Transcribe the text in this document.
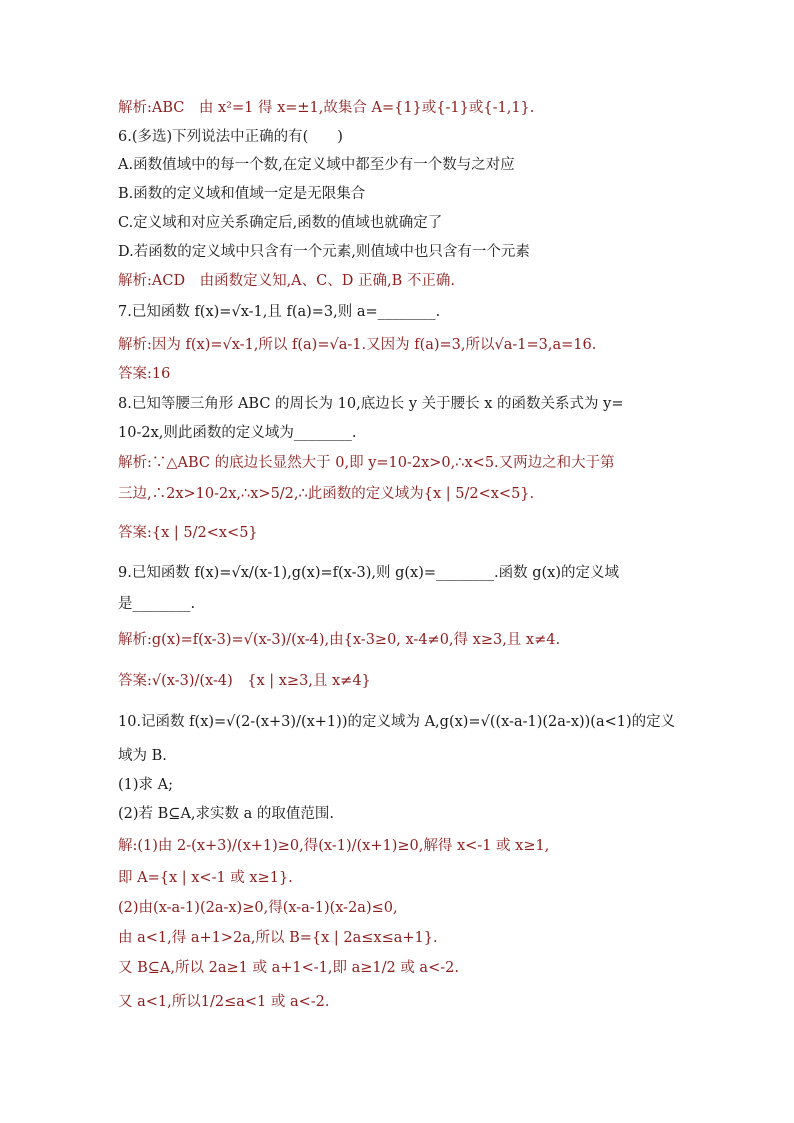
解析:ABC　由 x²=1 得 x=±1,故集合 A={1}或{-1}或{-1,1}.
6.(多选)下列说法中正确的有(　　)
A.函数值域中的每一个数,在定义域中都至少有一个数与之对应
B.函数的定义域和值域一定是无限集合
C.定义域和对应关系确定后,函数的值域也就确定了
D.若函数的定义域中只含有一个元素,则值域中也只含有一个元素
解析:ACD　由函数定义知,A、C、D 正确,B 不正确.
7.已知函数 f(x)=√x-1,且 f(a)=3,则 a=________.
解析:因为 f(x)=√x-1,所以 f(a)=√a-1.又因为 f(a)=3,所以√a-1=3,a=16.
答案:16
8.已知等腰三角形 ABC 的周长为 10,底边长 y 关于腰长 x 的函数关系式为 y=
10-2x,则此函数的定义域为________.
解析:∵△ABC 的底边长显然大于 0,即 y=10-2x>0,∴x<5.又两边之和大于第
三边,∴2x>10-2x,∴x>5/2,∴此函数的定义域为{x | 5/2<x<5}.
答案:{x | 5/2<x<5}
9.已知函数 f(x)=√x/(x-1),g(x)=f(x-3),则 g(x)=________.函数 g(x)的定义域
是________.
解析:g(x)=f(x-3)=√(x-3)/(x-4),由{x-3≥0, x-4≠0,得 x≥3,且 x≠4.
答案:√(x-3)/(x-4)　{x | x≥3,且 x≠4}
10.记函数 f(x)=√(2-(x+3)/(x+1))的定义域为 A,g(x)=√((x-a-1)(2a-x))(a<1)的定义
域为 B.
(1)求 A;
(2)若 B⊆A,求实数 a 的取值范围.
解:(1)由 2-(x+3)/(x+1)≥0,得(x-1)/(x+1)≥0,解得 x<-1 或 x≥1,
即 A={x | x<-1 或 x≥1}.
(2)由(x-a-1)(2a-x)≥0,得(x-a-1)(x-2a)≤0,
由 a<1,得 a+1>2a,所以 B={x | 2a≤x≤a+1}.
又 B⊆A,所以 2a≥1 或 a+1<-1,即 a≥1/2 或 a<-2.
又 a<1,所以1/2≤a<1 或 a<-2.
